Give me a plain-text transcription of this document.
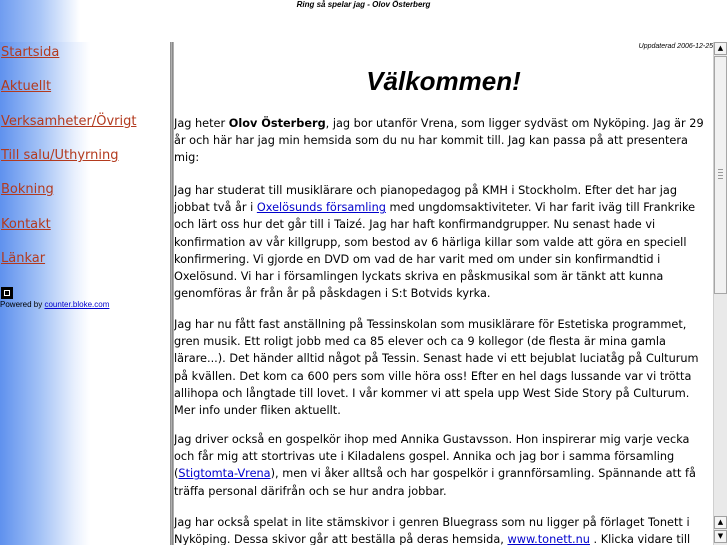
Ring så spelar jag - Olov Österberg
Startsida
Aktuellt
Verksamheter/Övrigt
Till salu/Uthyrning
Bokning
Kontakt
Länkar
Powered by counter.bloke.com
Uppdaterad 2006-12-25
Välkommen!

Jag heter Olov Österberg, jag bor utanför Vrena, som ligger sydväst om Nyköping. Jag är 29 år och här har jag min hemsida som du nu har kommit till. Jag kan passa på att presentera mig:

Jag har studerat till musiklärare och pianopedagog på KMH i Stockholm. Efter det har jag jobbat två år i Oxelösunds församling med ungdomsaktiviteter. Vi har farit iväg till Frankrike och lärt oss hur det går till i Taizé. Jag har haft konfirmandgrupper. Nu senast hade vi konfirmation av vår killgrupp, som bestod av 6 härliga killar som valde att göra en speciell konfirmering. Vi gjorde en DVD om vad de har varit med om under sin konfirmandtid i Oxelösund. Vi har i församlingen lyckats skriva en påskmusikal som är tänkt att kunna genomföras år från år på påskdagen i S:t Botvids kyrka.

Jag har nu fått fast anställning på Tessinskolan som musiklärare för Estetiska programmet, gren musik. Ett roligt jobb med ca 85 elever och ca 9 kollegor (de flesta är mina gamla lärare...). Det händer alltid något på Tessin. Senast hade vi ett bejublat luciatåg på Culturum på kvällen. Det kom ca 600 pers som ville höra oss! Efter en hel dags lussande var vi trötta allihopa och långtade till lovet. I vår kommer vi att spela upp West Side Story på Culturum. Mer info under fliken aktuellt.

Jag driver också en gospelkör ihop med Annika Gustavsson. Hon inspirerar mig varje vecka och får mig att stortrivas ute i Kiladalens gospel. Annika och jag bor i samma församling (Stigtomta-Vrena), men vi åker alltså och har gospelkör i grannförsamling. Spännande att få träffa personal därifrån och se hur andra jobbar.

Jag har också spelat in lite stämskivor i genren Bluegrass som nu ligger på förlaget Tonett i Nyköping. Dessa skivor går att beställa på deras hemsida, www.tonett.nu . Klicka vidare till

▲
▲
▼
